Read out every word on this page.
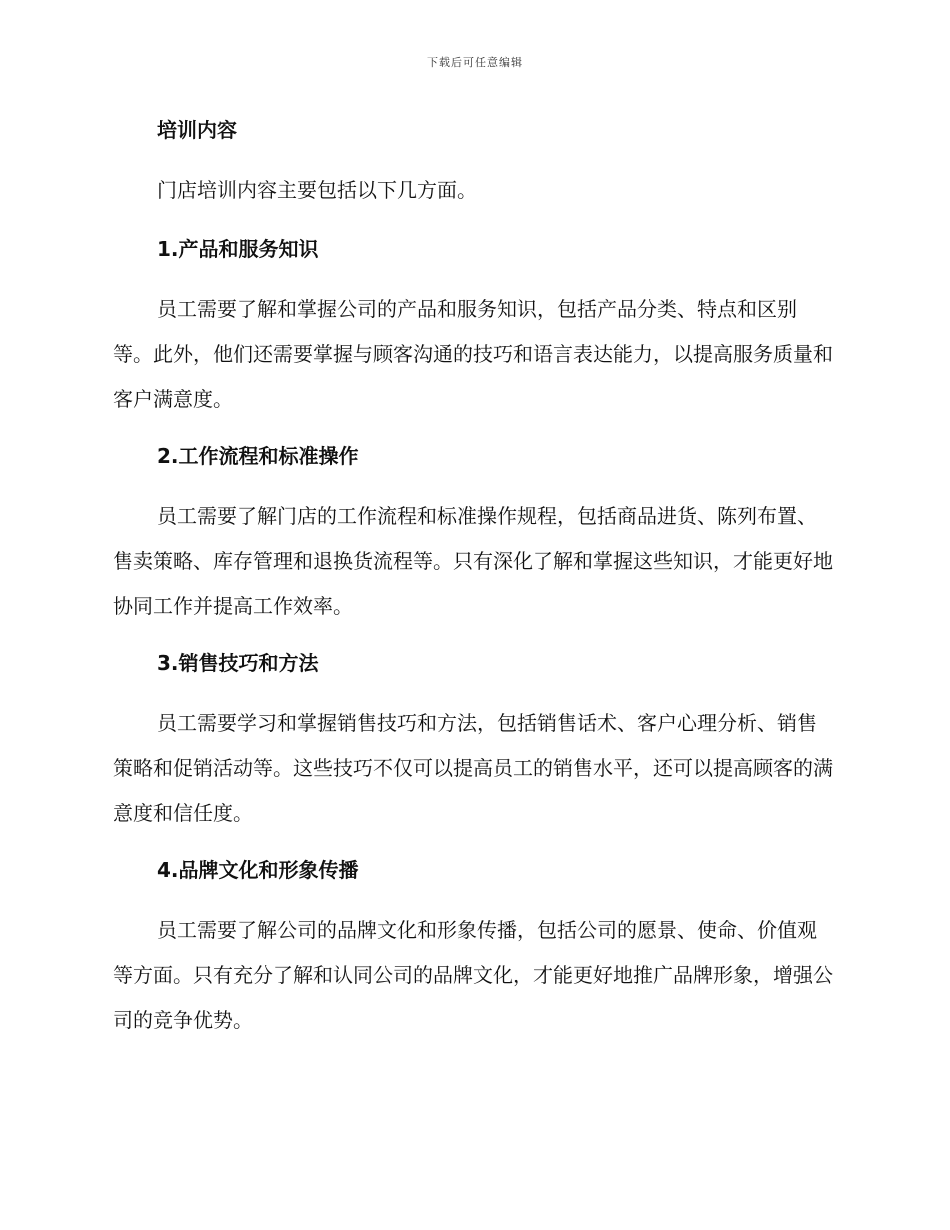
下载后可任意编辑
培训内容
门店培训内容主要包括以下几方面。
1.产品和服务知识
员工需要了解和掌握公司的产品和服务知识，包括产品分类、特点和区别等。此外，他们还需要掌握与顾客沟通的技巧和语言表达能力，以提高服务质量和客户满意度。
2.工作流程和标准操作
员工需要了解门店的工作流程和标准操作规程，包括商品进货、陈列布置、售卖策略、库存管理和退换货流程等。只有深化了解和掌握这些知识，才能更好地协同工作并提高工作效率。
3.销售技巧和方法
员工需要学习和掌握销售技巧和方法，包括销售话术、客户心理分析、销售策略和促销活动等。这些技巧不仅可以提高员工的销售水平，还可以提高顾客的满意度和信任度。
4.品牌文化和形象传播
员工需要了解公司的品牌文化和形象传播，包括公司的愿景、使命、价值观等方面。只有充分了解和认同公司的品牌文化，才能更好地推广品牌形象，增强公司的竞争优势。
